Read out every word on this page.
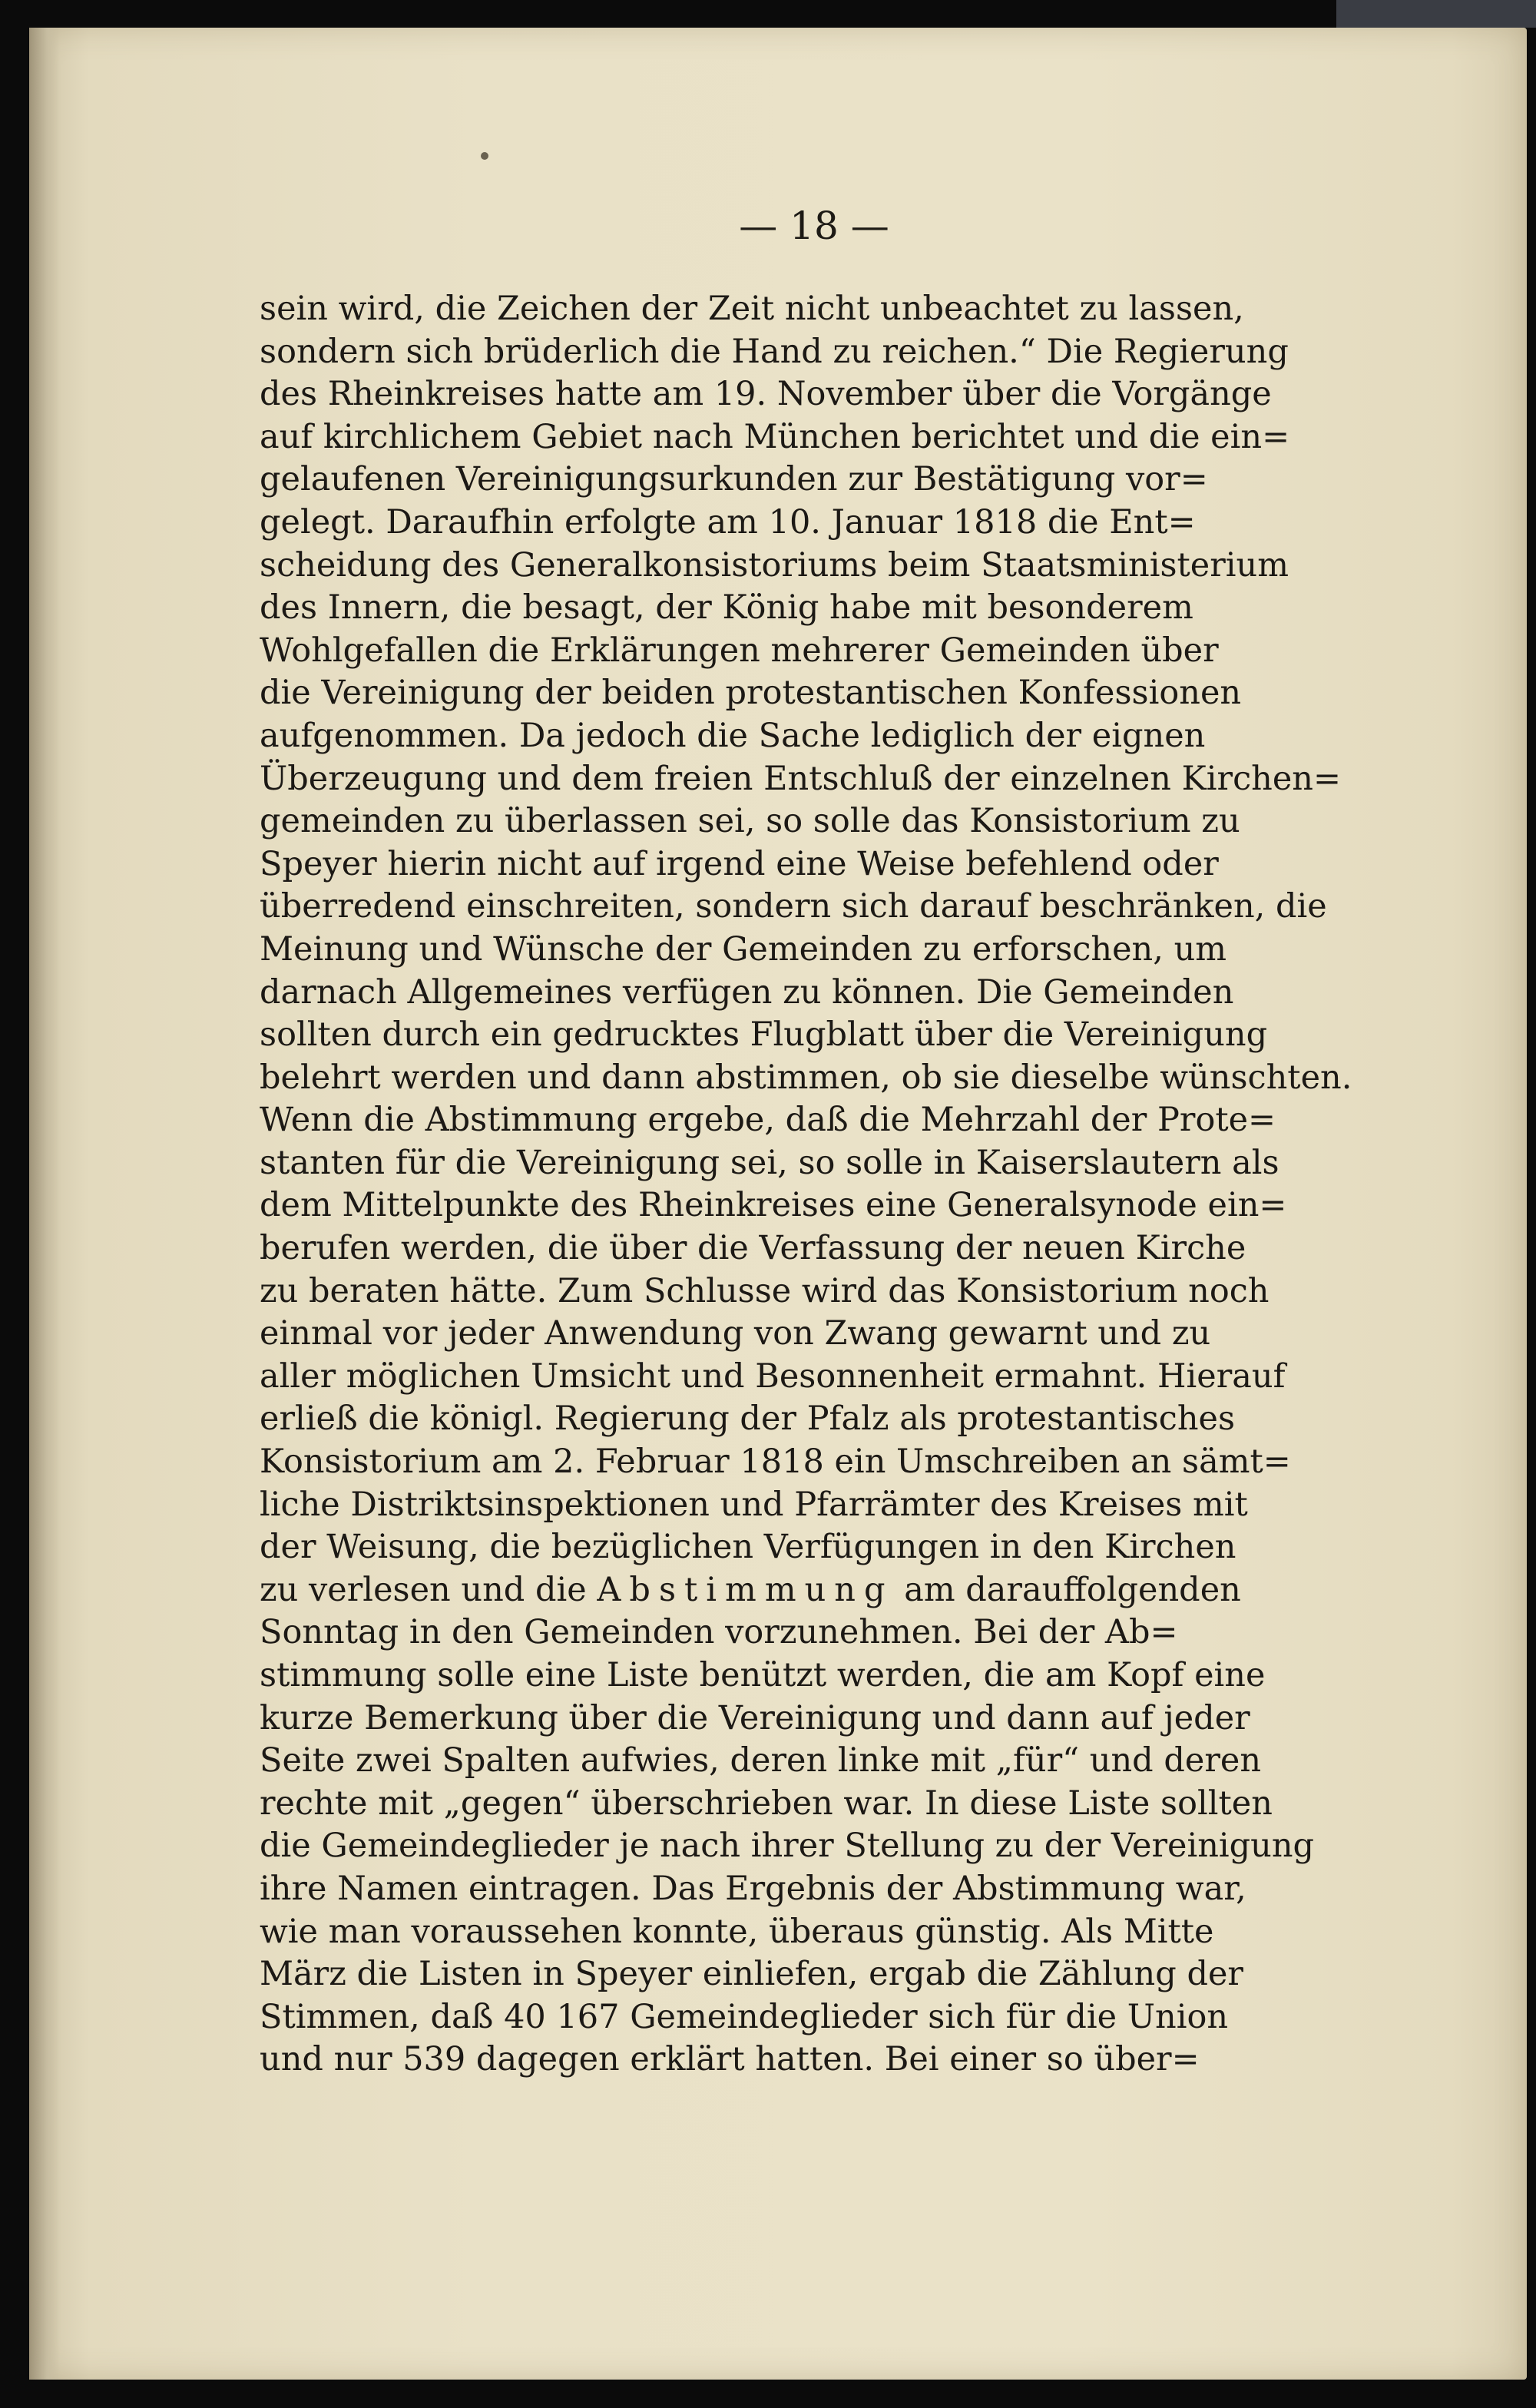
— 18 —
sein wird, die Zeichen der Zeit nicht unbeachtet zu lassen,
sondern sich brüderlich die Hand zu reichen.“ Die Regierung
des Rheinkreises hatte am 19. November über die Vorgänge
auf kirchlichem Gebiet nach München berichtet und die ein=
gelaufenen Vereinigungsurkunden zur Bestätigung vor=
gelegt. Daraufhin erfolgte am 10. Januar 1818 die Ent=
scheidung des Generalkonsistoriums beim Staatsministerium
des Innern, die besagt, der König habe mit besonderem
Wohlgefallen die Erklärungen mehrerer Gemeinden über
die Vereinigung der beiden protestantischen Konfessionen
aufgenommen. Da jedoch die Sache lediglich der eignen
Überzeugung und dem freien Entschluß der einzelnen Kirchen=
gemeinden zu überlassen sei, so solle das Konsistorium zu
Speyer hierin nicht auf irgend eine Weise befehlend oder
überredend einschreiten, sondern sich darauf beschränken, die
Meinung und Wünsche der Gemeinden zu erforschen, um
darnach Allgemeines verfügen zu können. Die Gemeinden
sollten durch ein gedrucktes Flugblatt über die Vereinigung
belehrt werden und dann abstimmen, ob sie dieselbe wünschten.
Wenn die Abstimmung ergebe, daß die Mehrzahl der Prote=
stanten für die Vereinigung sei, so solle in Kaiserslautern als
dem Mittelpunkte des Rheinkreises eine Generalsynode ein=
berufen werden, die über die Verfassung der neuen Kirche
zu beraten hätte. Zum Schlusse wird das Konsistorium noch
einmal vor jeder Anwendung von Zwang gewarnt und zu
aller möglichen Umsicht und Besonnenheit ermahnt. Hierauf
erließ die königl. Regierung der Pfalz als protestantisches
Konsistorium am 2. Februar 1818 ein Umschreiben an sämt=
liche Distriktsinspektionen und Pfarrämter des Kreises mit
der Weisung, die bezüglichen Verfügungen in den Kirchen
zu verlesen und die Abstimmung am darauffolgenden
Sonntag in den Gemeinden vorzunehmen. Bei der Ab=
stimmung solle eine Liste benützt werden, die am Kopf eine
kurze Bemerkung über die Vereinigung und dann auf jeder
Seite zwei Spalten aufwies, deren linke mit „für“ und deren
rechte mit „gegen“ überschrieben war. In diese Liste sollten
die Gemeindeglieder je nach ihrer Stellung zu der Vereinigung
ihre Namen eintragen. Das Ergebnis der Abstimmung war,
wie man voraussehen konnte, überaus günstig. Als Mitte
März die Listen in Speyer einliefen, ergab die Zählung der
Stimmen, daß 40 167 Gemeindeglieder sich für die Union
und nur 539 dagegen erklärt hatten. Bei einer so über=
